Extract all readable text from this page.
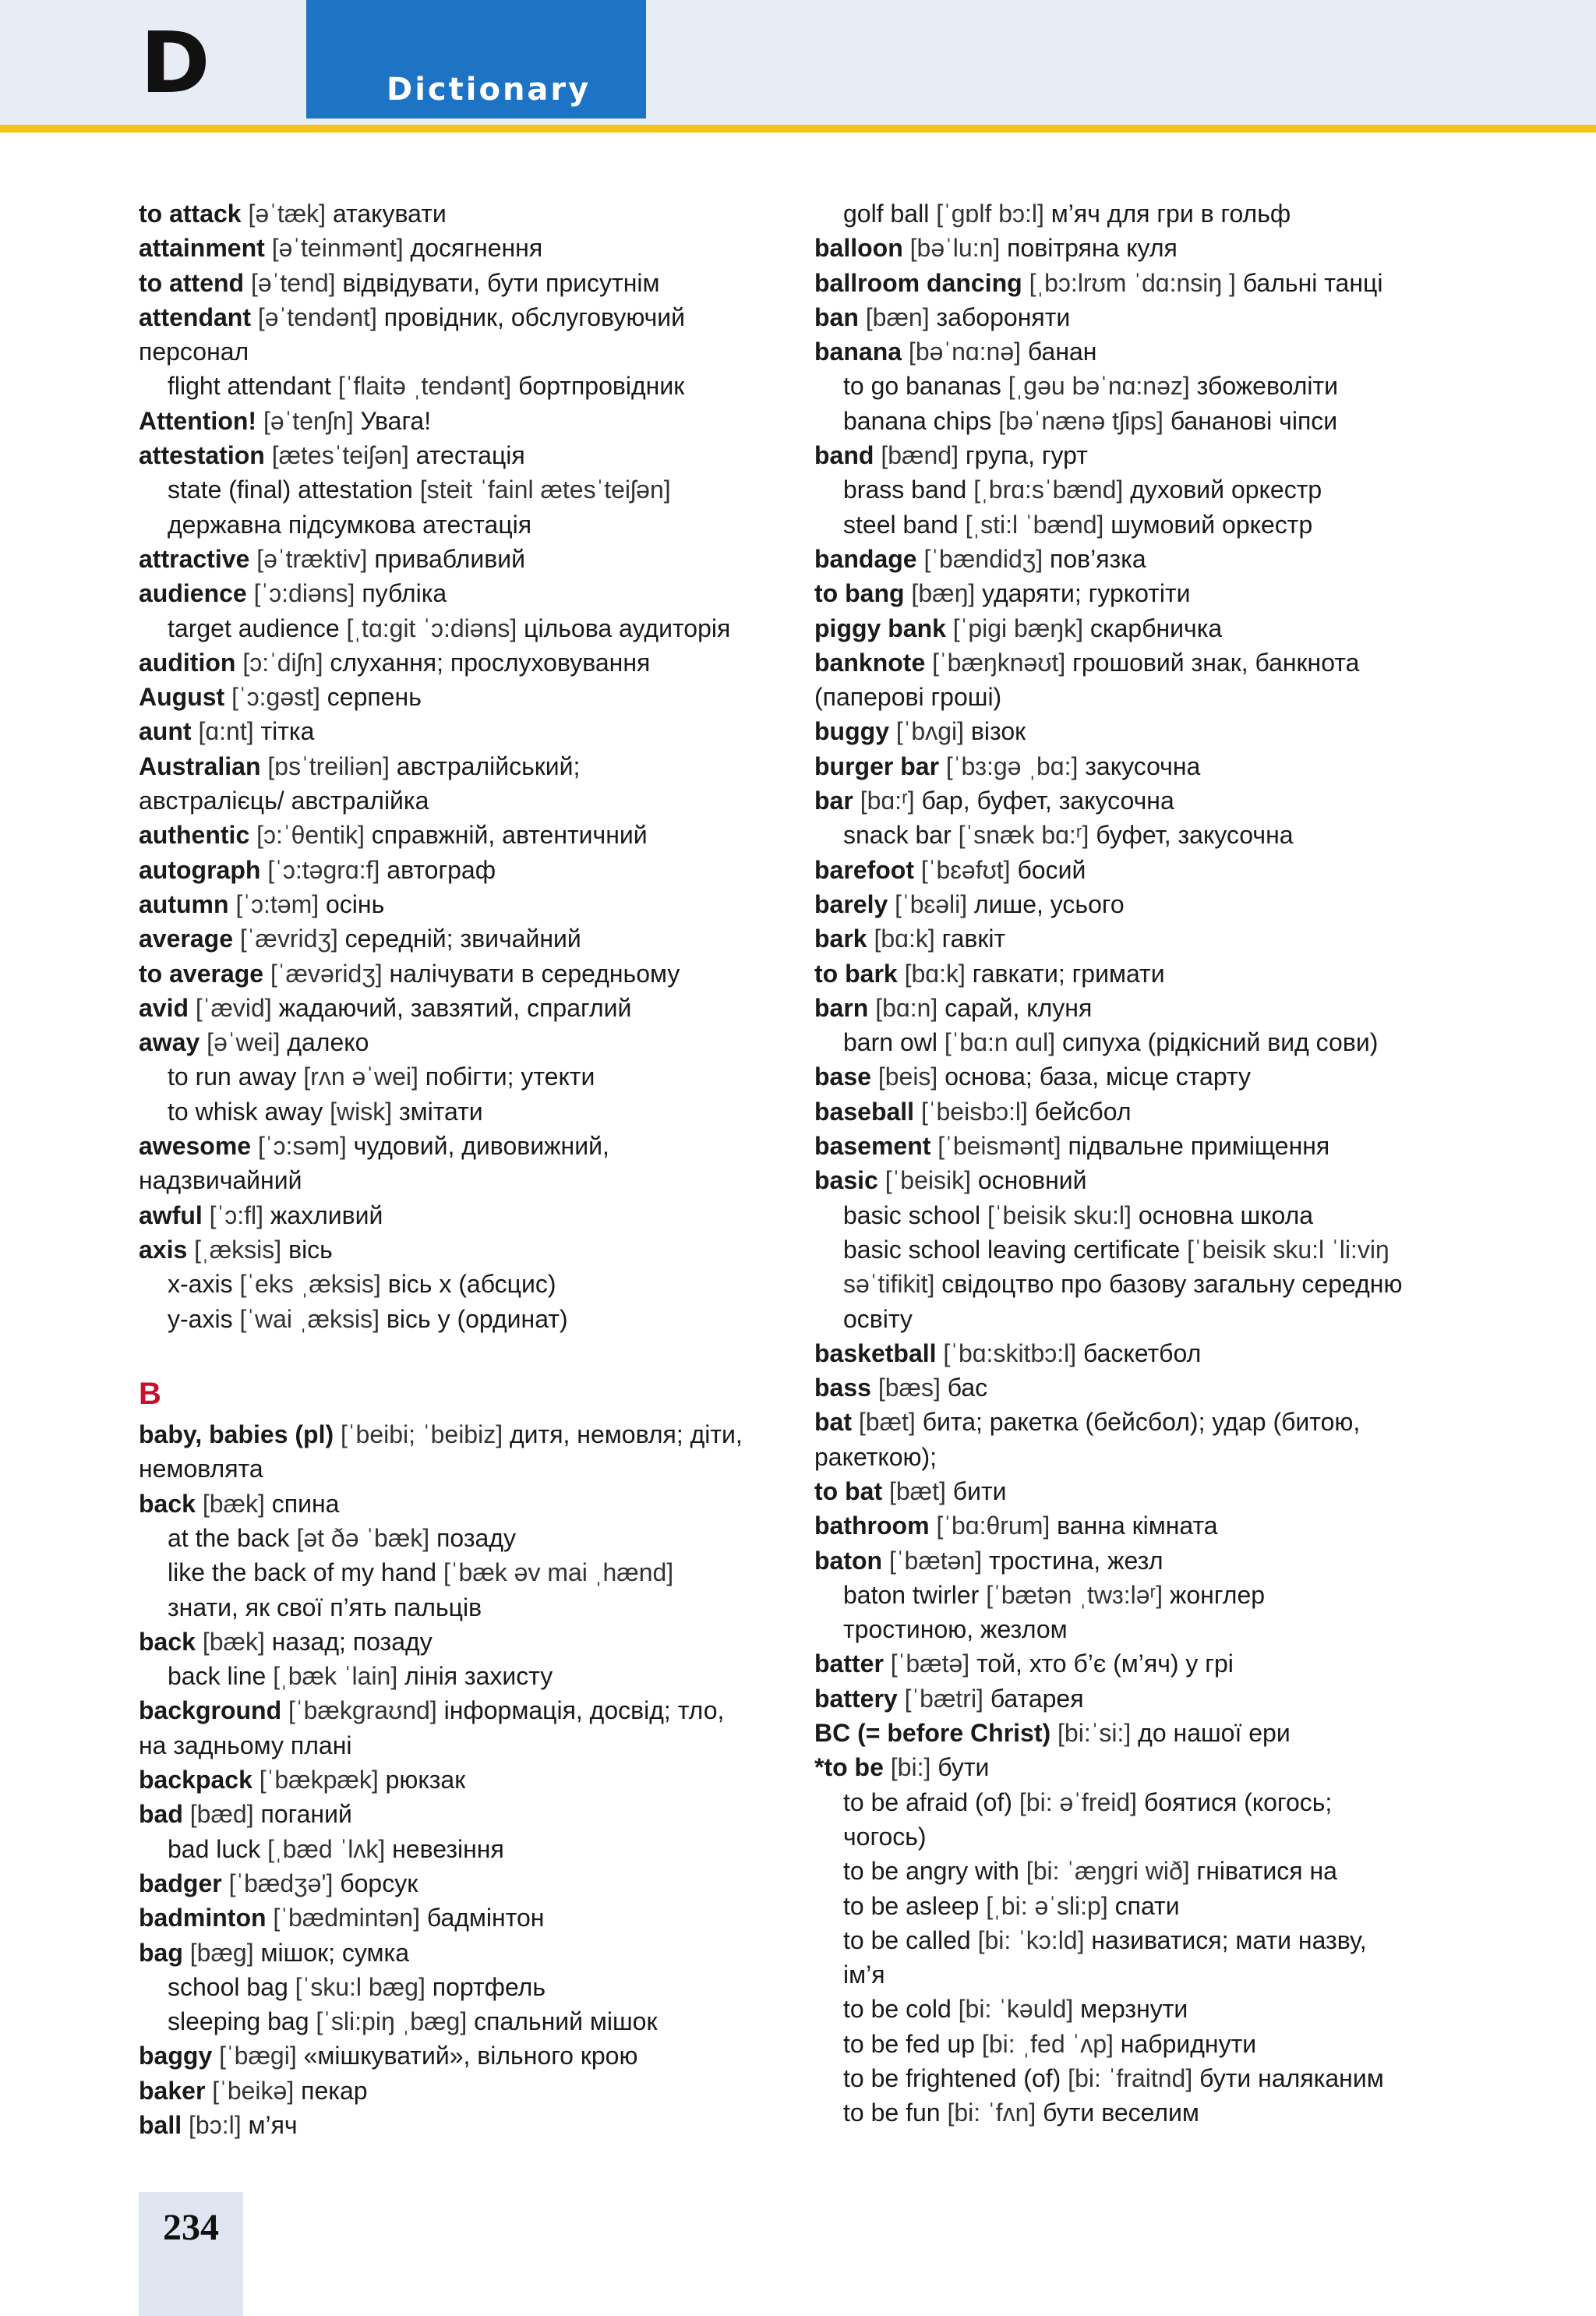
D	Dictionary
to attack [əˈtæk] атакувати
attainment [əˈteinmənt] досягнення
to attend [əˈtend] відвідувати, бути присутнім
attendant [əˈtendənt] провідник, обслуговуючий
персонал
flight attendant [ˈflaitə ˌtendənt] бортпровідник
Attention! [əˈtenʃn] Увага!
attestation [ætesˈteiʃən] атестація
state (final) attestation [steit ˈfainl ætesˈteiʃən]
державна підсумкова атестація
attractive [əˈtræktiv] привабливий
audience [ˈɔ:diəns] публіка
target audience [ˌtɑ:git ˈɔ:diəns] цільова аудиторія
audition [ɔ:ˈdiʃn] слухання; прослуховування
August [ˈɔ:gəst] серпень
aunt [ɑ:nt] тітка
Australian [ɒsˈtreiliən] австралійський;
австралієць/ австралійка
authentic [ɔ:ˈθentik] справжній, автентичний
autograph [ˈɔ:təgrɑ:f] автограф
autumn [ˈɔ:təm] осінь
average [ˈævridʒ] середній; звичайний
to average [ˈævəridʒ] налічувати в середньому
avid [ˈævid] жадаючий, завзятий, спраглий
away [əˈwei] далеко
to run away [rʌn əˈwei] побігти; утекти
to whisk away [wisk] змітати
awesome [ˈɔ:səm] чудовий, дивовижний,
надзвичайний
awful [ˈɔ:fl] жахливий
axis [ˌæksis] вісь
x-axis [ˈeks ˌæksis] вісь х (абсцис)
y-axis [ˈwai ˌæksis] вісь у (ординат)
B
baby, babies (pl) [ˈbeibi; ˈbeibiz] дитя, немовля; діти,
немовлята
back [bæk] спина
at the back [ət ðə ˈbæk] позаду
like the back of my hand [ˈbæk əv mai ˌhænd]
знати, як свої п’ять пальців
back [bæk] назад; позаду
back line [ˌbæk ˈlain] лінія захисту
background [ˈbækgraʊnd] інформація, досвід; тло,
на задньому плані
backpack [ˈbækpæk] рюкзак
bad [bæd] поганий
bad luck [ˌbæd ˈlʌk] невезіння
badger [ˈbædʒə'] борсук
badminton [ˈbædmintən] бадмінтон
bag [bæg] мішок; сумка
school bag [ˈsku:l bæg] портфель
sleeping bag [ˈsli:piŋ ˌbæg] спальний мішок
baggy [ˈbægi] «мішкуватий», вільного крою
baker [ˈbeikə] пекар
ball [bɔ:l] м’яч
golf ball [ˈgɒlf bɔ:l] м’яч для гри в гольф
balloon [bəˈlu:n] повітряна куля
ballroom dancing [ˌbɔ:lrʊm ˈdɑ:nsiŋ ] бальні танці
ban [bæn] забороняти
banana [bəˈnɑ:nə] банан
to go bananas [ˌgəu bəˈnɑ:nəz] збожеволіти
banana chips [bəˈnænə tʃips] бананові чіпси
band [bænd] група, гурт
brass band [ˌbrɑ:sˈbænd] духовий оркестр
steel band [ˌsti:l ˈbænd] шумовий оркестр
bandage [ˈbændidʒ] пов’язка
to bang [bæŋ] ударяти; гуркотіти
piggy bank [ˈpigi bæŋk] скарбничка
banknote [ˈbæŋknəʊt] грошовий знак, банкнота
(паперові гроші)
buggy [ˈbʌgi] візок
burger bar [ˈbɜ:gə ˌbɑ:] закусочна
bar [bɑ:ʳ] бар, буфет, закусочна
snack bar [ˈsnæk bɑ:ʳ] буфет, закусочна
barefoot [ˈbɛəfʊt] босий
barely [ˈbɛəli] лише, усього
bark [bɑ:k] гавкіт
to bark [bɑ:k] гавкати; гримати
barn [bɑ:n] сарай, клуня
barn owl [ˈbɑ:n ɑul] сипуха (рідкісний вид сови)
base [beis] основа; база, місце старту
baseball [ˈbeisbɔ:l] бейсбол
basement [ˈbeismənt] підвальне приміщення
basic [ˈbeisik] основний
basic school [ˈbeisik sku:l] основна школа
basic school leaving certificate [ˈbeisik sku:l ˈli:viŋ
səˈtifikit] свідоцтво про базову загальну середню
освіту
basketball [ˈbɑ:skitbɔ:l] баскетбол
bass [bæs] бас
bat [bæt] бита; ракетка (бейсбол); удар (битою,
ракеткою);
to bat [bæt] бити
bathroom [ˈbɑ:θrum] ванна кімната
baton [ˈbætən] тростина, жезл
baton twirler [ˈbætən ˌtwɜ:ləʳ] жонглер
тростиною, жезлом
batter [ˈbætə] той, хто б’є (м’яч) у грі
battery [ˈbætri] батарея
BC (= before Christ) [bi:ˈsi:] до нашої ери
*to be [bi:] бути
to be afraid (of) [bi: əˈfreid] боятися (когось;
чогось)
to be angry with [bi: ˈæŋgri wið] гніватися на
to be asleep [ˌbi: əˈsli:p] спати
to be called [bi: ˈkɔ:ld] називатися; мати назву,
ім’я
to be cold [bi: ˈkəuld] мерзнути
to be fed up [bi: ˌfed ˈʌp] набриднути
to be frightened (of) [bi: ˈfraitnd] бути наляканим
to be fun [bi: ˈfʌn] бути веселим
234
